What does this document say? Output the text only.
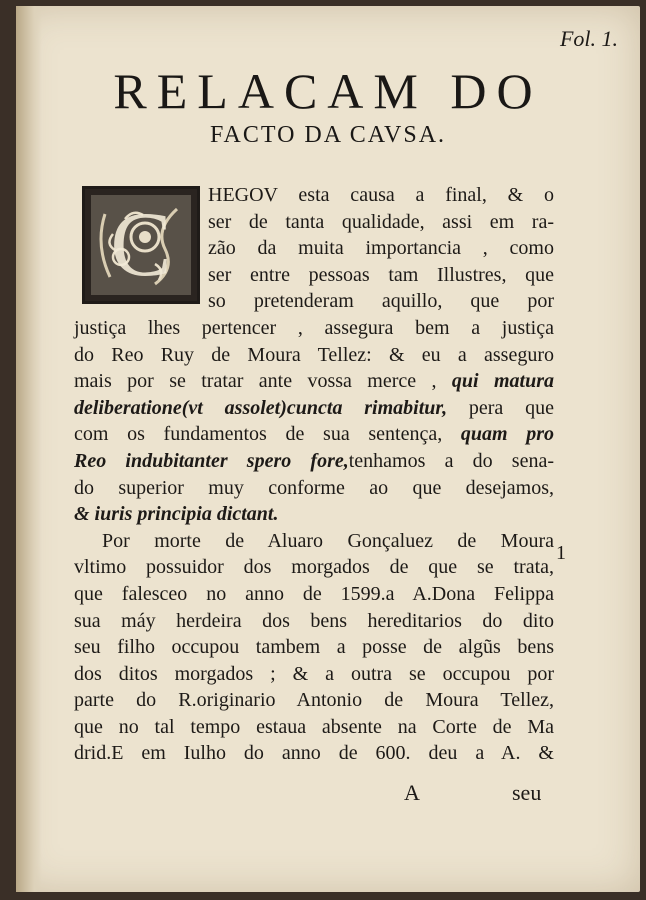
Fol. 1.
RELACAM DO
FACTO DA CAVSA.
C HEGOV esta causa a final, & o
ser de tanta qualidade, assi em ra-
zão da muita importancia , como
ser entre pessoas tam Illustres, que
so pretenderam aquillo, que por
justiça lhes pertencer , assegura bem a justiça
do Reo Ruy de Moura Tellez: & eu a asseguro
mais por se tratar ante vossa merce , qui matura
deliberatione(vt assolet)cuncta rimabitur, pera que
com os fundamentos de sua sentença, quam pro
Reo indubitanter spero fore,tenhamos a do sena-
do superior muy conforme ao que desejamos,
& iuris principia dictant.
Por morte de Aluaro Gonçaluez de Moura
vltimo possuidor dos morgados de que se trata,
que falesceo no anno de 1599.a A.Dona Felippa
sua máy herdeira dos bens hereditarios do dito
seu filho occupou tambem a posse de algũs bens
dos ditos morgados ; & a outra se occupou por
parte do R.originario Antonio de Moura Tellez,
que no tal tempo estaua absente na Corte de Ma
drid.E em Iulho do anno de 600. deu a A. &
1
A	seu
